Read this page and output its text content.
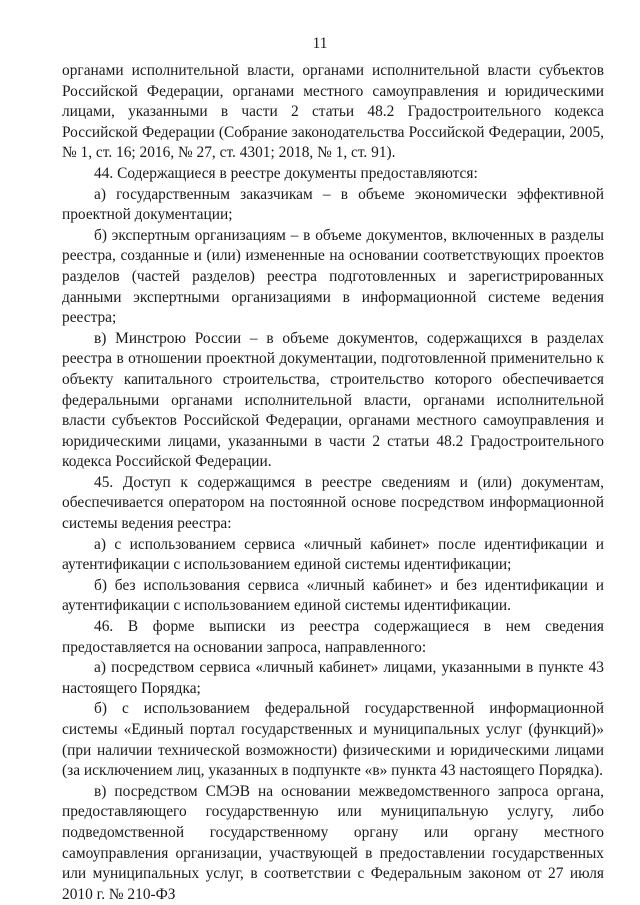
11

органами исполнительной власти, органами исполнительной власти субъектов Российской Федерации, органами местного самоуправления и юридическими лицами, указанными в части 2 статьи 48.2 Градостроительного кодекса Российской Федерации (Собрание законодательства Российской Федерации, 2005, № 1, ст. 16; 2016, № 27, ст. 4301; 2018, № 1, ст. 91).

44. Содержащиеся в реестре документы предоставляются:

а) государственным заказчикам – в объеме экономически эффективной проектной документации;

б) экспертным организациям – в объеме документов, включенных в разделы реестра, созданные и (или) измененные на основании соответствующих проектов разделов (частей разделов) реестра подготовленных и зарегистрированных данными экспертными организациями в информационной системе ведения реестра;

в) Минстрою России – в объеме документов, содержащихся в разделах реестра в отношении проектной документации, подготовленной применительно к объекту капитального строительства, строительство которого обеспечивается федеральными органами исполнительной власти, органами исполнительной власти субъектов Российской Федерации, органами местного самоуправления и юридическими лицами, указанными в части 2 статьи 48.2 Градостроительного кодекса Российской Федерации.

45. Доступ к содержащимся в реестре сведениям и (или) документам, обеспечивается оператором на постоянной основе посредством информационной системы ведения реестра:

а) с использованием сервиса «личный кабинет» после идентификации и аутентификации с использованием единой системы идентификации;

б) без использования сервиса «личный кабинет» и без идентификации и аутентификации с использованием единой системы идентификации.

46. В форме выписки из реестра содержащиеся в нем сведения предоставляется на основании запроса, направленного:

а) посредством сервиса «личный кабинет» лицами, указанными в пункте 43 настоящего Порядка;

б) с использованием федеральной государственной информационной системы «Единый портал государственных и муниципальных услуг (функций)» (при наличии технической возможности) физическими и юридическими лицами (за исключением лиц, указанных в подпункте «в» пункта 43 настоящего Порядка).

в) посредством СМЭВ на основании межведомственного запроса органа, предоставляющего государственную или муниципальную услугу, либо подведомственной государственному органу или органу местного самоуправления организации, участвующей в предоставлении государственных или муниципальных услуг, в соответствии с Федеральным законом от 27 июля 2010 г. № 210-ФЗ
